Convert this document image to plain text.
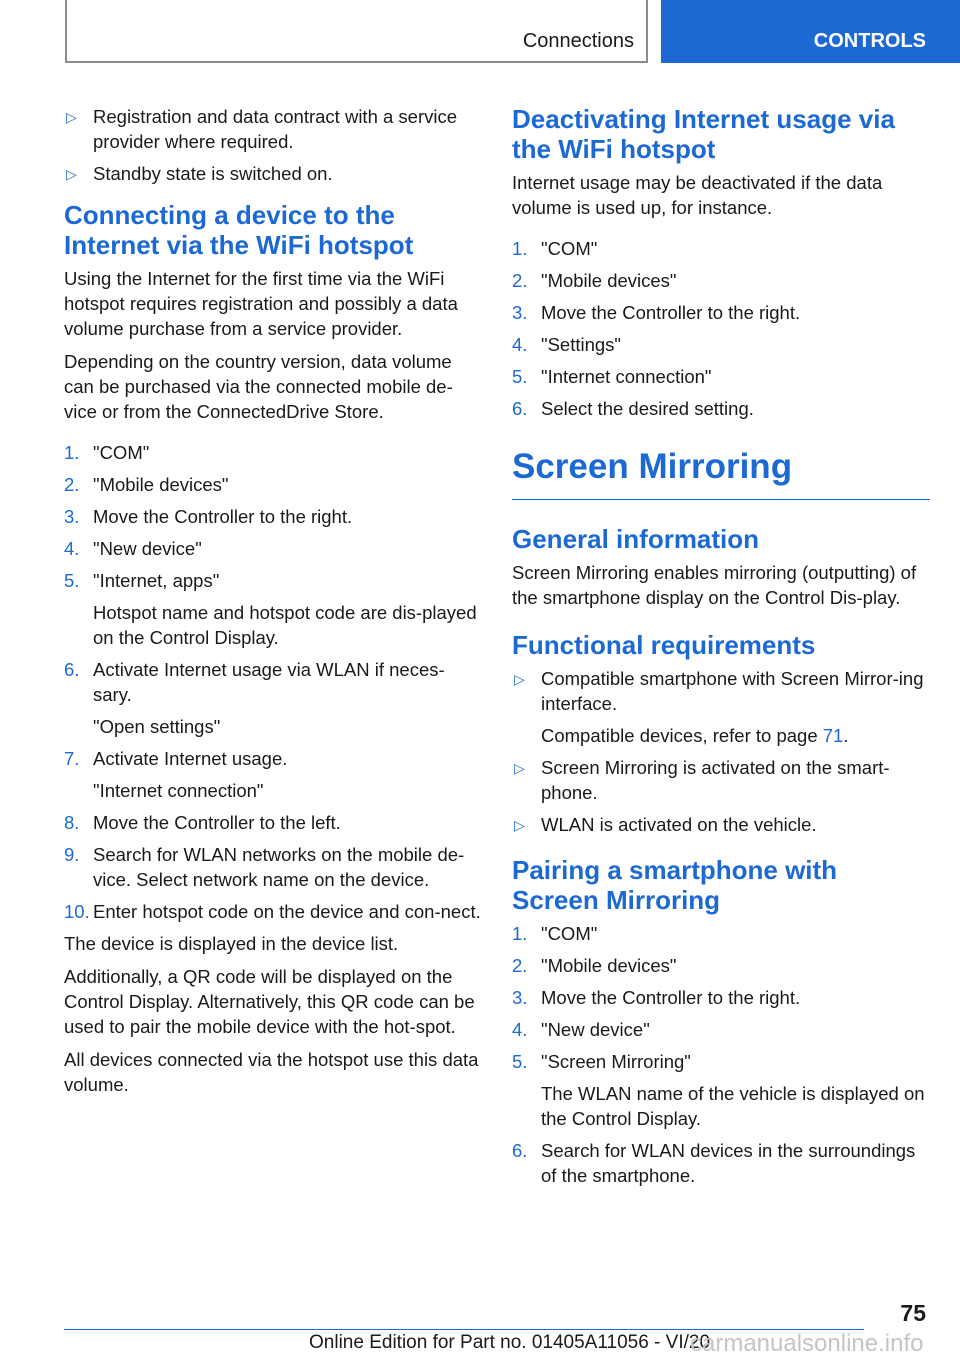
Connections	CONTROLS
▷ Registration and data contract with a service provider where required.
▷ Standby state is switched on.
Connecting a device to the Internet via the WiFi hotspot

Using the Internet for the first time via the WiFi hotspot requires registration and possibly a data volume purchase from a service provider.

Depending on the country version, data volume can be purchased via the connected mobile de‐vice or from the ConnectedDrive Store.

1. "COM"
2. "Mobile devices"
3. Move the Controller to the right.
4. "New device"
5. "Internet, apps"
Hotspot name and hotspot code are dis‐played on the Control Display.
6. Activate Internet usage via WLAN if neces‐sary.
"Open settings"
7. Activate Internet usage.
"Internet connection"
8. Move the Controller to the left.
9. Search for WLAN networks on the mobile de‐vice. Select network name on the device.
10. Enter hotspot code on the device and con‐nect.

The device is displayed in the device list.

Additionally, a QR code will be displayed on the Control Display. Alternatively, this QR code can be used to pair the mobile device with the hot‐spot.

All devices connected via the hotspot use this data volume.

Deactivating Internet usage via the WiFi hotspot

Internet usage may be deactivated if the data volume is used up, for instance.

1. "COM"
2. "Mobile devices"
3. Move the Controller to the right.
4. "Settings"
5. "Internet connection"
6. Select the desired setting.
Screen Mirroring
General information

Screen Mirroring enables mirroring (outputting) of the smartphone display on the Control Dis‐play.

Functional requirements
▷ Compatible smartphone with Screen Mirror‐ing interface.
Compatible devices, refer to page 71.
▷ Screen Mirroring is activated on the smart‐phone.
▷ WLAN is activated on the vehicle.
Pairing a smartphone with Screen Mirroring
1. "COM"
2. "Mobile devices"
3. Move the Controller to the right.
4. "New device"
5. "Screen Mirroring"
The WLAN name of the vehicle is displayed on the Control Display.
6. Search for WLAN devices in the surroundings of the smartphone.
75
Online Edition for Part no. 01405A11056 - VI/20
carmanualsonline.info
